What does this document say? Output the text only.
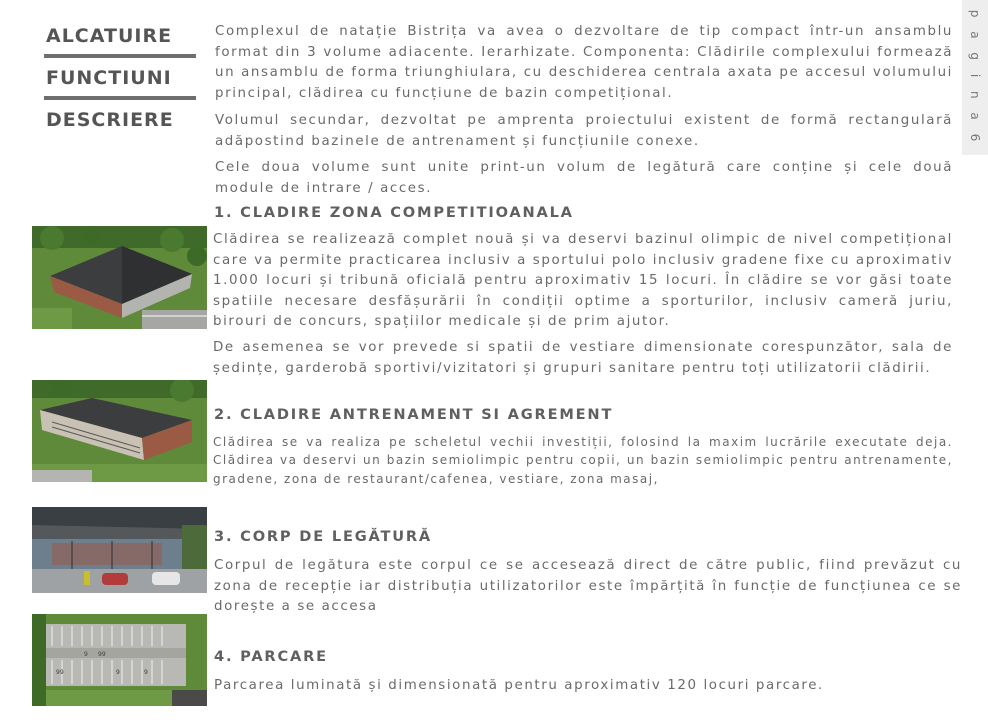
ALCATUIRE
FUNCTIUNI
DESCRIERE	p a g i n a 6

Complexul de natație Bistrița va avea o dezvoltare de tip compact într-un ansamblu format din 3 volume adiacente. Ierarhizate. Componenta: Clădirile complexului formează un ansamblu de forma triunghiulara, cu deschiderea centrala axata pe accesul volumului principal, clădirea cu funcțiune de bazin competițional.

Volumul secundar, dezvoltat pe amprenta proiectului existent de formă rectangulară adăpostind bazinele de antrenament și funcțiunile conexe.

Cele doua volume sunt unite print-un volum de legătură care conține și cele două module de intrare / acces.

1. CLADIRE ZONA COMPETITIOANALA

Clădirea se realizează complet nouă și va deservi bazinul olimpic de nivel competițional care va permite practicarea inclusiv a sportului polo inclusiv gradene fixe cu aproximativ 1.000 locuri și tribună oficială pentru aproximativ 15 locuri. În clădire se vor găsi toate spatiile necesare desfășurării în condiții optime a sporturilor, inclusiv cameră juriu, birouri de concurs, spațiilor medicale și de prim ajutor.

De asemenea se vor prevede si spatii de vestiare dimensionate corespunzător, sala de ședințe, garderobă sportivi/vizitatori și grupuri sanitare pentru toți utilizatorii clădirii.

2. CLADIRE ANTRENAMENT SI AGREMENT

Clădirea se va realiza pe scheletul vechii investiții, folosind la maxim lucrările executate deja. Clădirea va deservi un bazin semiolimpic pentru copii, un bazin semiolimpic pentru antrenamente, gradene, zona de restaurant/cafenea, vestiare, zona masaj,

3. CORP DE LEGĂTURĂ

Corpul de legătura este corpul ce se accesează direct de către public, fiind prevăzut cu zona de recepție iar distribuția utilizatorilor este împărțită în funcție de funcțiunea ce se dorește a se accesa

9 99
99	9	9
4. PARCARE

Parcarea luminată și dimensionată pentru aproximativ 120 locuri parcare.
